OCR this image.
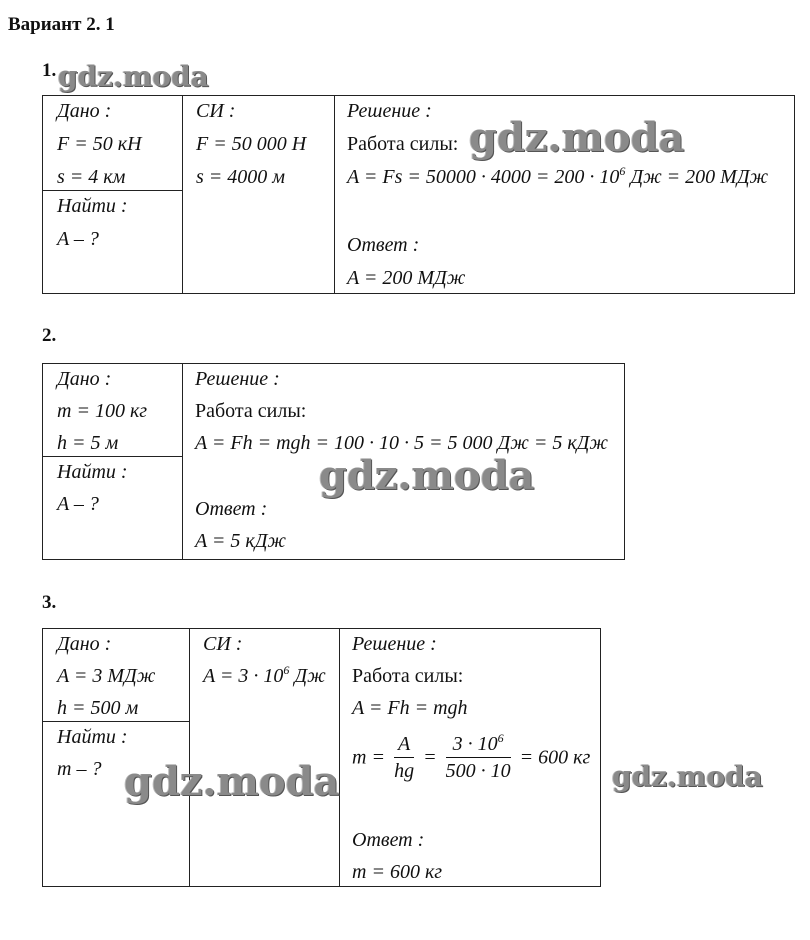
Вариант 2. 1
1. gdz.moda
Дано :
F = 50 кН
s = 4 км
Найти :
A – ?
СИ :
F = 50 000 Н
s = 4000 м
Решение :
Работа силы: gdz.moda
$A = Fs = 50000 \cdot 4000 = 200 \cdot 10^6$ Дж = 200 МДж
Ответ :
A = 200 МДж
2.
Дано :
m = 100 кг
h = 5 м
Найти :
A – ?
Решение :
Работа силы:
A = Fh = mgh = 100 · 10 · 5 = 5 000 Дж = 5 кДж
gdz.moda
Ответ :
A = 5 кДж
3.
Дано :
A = 3 МДж
h = 500 м
Найти :
m – ?
СИ :
$A = 3 \cdot 10^6$ Дж
Решение :
Работа силы:
A = Fh = mgh
$m = \frac{A}{hg} = \frac{3 \cdot 10^6}{500 \cdot 10} = 600$ кг
Ответ :
m = 600 кг
gdz.moda	gdz.moda
